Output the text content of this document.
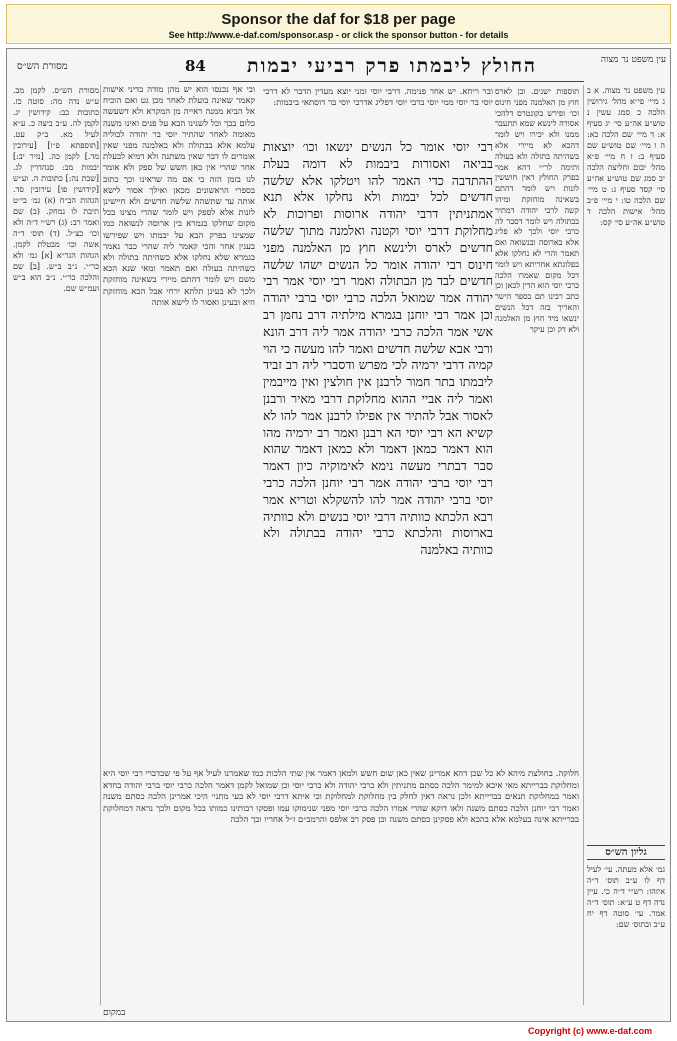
Sponsor the daf for $18 per page
See http://www.e-daf.com/sponsor.asp - or click the sponsor button - for details
מסורת הש״ס	84	החולץ ליבמתו פרק רביעי יבמות	עין משפט נר מצוה
מסורת הש״ס. לקמן מב. ע״ש נדה מה: סוטה כז. כתובות כב: קידושין יג. לקמן לה. ע״ב ביצה כ. ע״א לעיל מא. ב״ק עט. [תוספתא פ״ו] [עירובין מד.] לקמן כה. [נזיר יב:] יבמות מב: סנהדרין לג. [שבת נה:] כתובות ה. וע״ש [קידושין פו] עירובין סד. הגהות הב״ח (א) גמ׳ בי״ט תיבת לו נמחק. (ב) שם ואמר רב: (ג) רש״י ד״ה ולא וכו׳ כצ״ל. (ד) תוס׳ ד״ה אשה וכו׳ מבטלת לקמן. הגהות הגר״א [א] גמ׳ ולא כר״י. נ״ב ב״ש. [ב] שם והלכה כר״י. נ״ב הוא ב״ש ועמ״ש שם.
ובי אף נכנסו הוא יש מהן מודה בדיני אישות קאמר שאינה בועלת לאחר מכן גט ואם הוכיח אל הביא ממנה ראייה מן המקרא ולא דשעשה כלום בכך וכל לשנינו הבא על פנים ואינו משנה מאומה לאחר שהתיר יוסי בר יהודה לכוליה עלמא אלא בבתולה ולא באלמנה מפני שאין אומרים לו דבר שאין משתנה ולא דמיא לבעלת אחר שהרי אין כאן חשש של ספק ולא אומר לנו בזמן הזה כי אם מה שראינו וכך כתוב בספרי הראשונים מכאן ואילך אסור לישא אותה עד שתשהה שלשה חדשים ולא חיישינן לזנות אלא לספק ויש לומר שהרי מצינו בכל מקום שחלקו בגמרא בין ארוסה לנשואה כמו שמצינו בפרק הבא על יבמתו ויש שפירשו בענין אחר והכי קאמר ליה שהרי כבר נאמר בגמרא שלא נחלקו אלא כשהיתה בתולה ולא כשהיתה בעולה ואם תאמר ומאי שנא הכא משם ויש לומר דהתם מיירי בשאינה מוחזקת ולכך לא בעינן תלתא ירחי אבל הכא מוחזקת היא ובעינן ואסור לו לישא אותה
ובר ריחא. יש אחר פנימה. דרבי יוסי ומני יוצא מעדין הדבר לא דרבי יוסי בר יוסי ממי יוסי ברבי יוסי דפליג אדרבי יוסי בר דוסתאי ביבמות:
רבי יוסי אומר כל הנשים ינשאו וכו׳ יוצאות בביאה ואסורות ביבמות לא דומה בעלת ההתדבה כדי האמר להו ויטלקו אלא שלשה חדשים לכל יבמות ולא נחלקו אלא תנא אמתניתין דרבי יהודה ארוסות ופרוכות לא מחלוקת דרבי יוסי וקטנה ואלמנה מתוך שלשה חדשים לארס ולינשא חוץ מן האלמנה מפני חינוס רבי יהודה אומר כל הנשים ישהו שלשה חדשים לבד מן הבתולה ואמר רבי יוסי אמר רבי יהודה אמר שמואל הלכה כרבי יוסי ברבי יהודה וכן אמר רבי יוחנן בגמרא מילתיה דרב נחמן רב אשי אמר הלכה כרבי יהודה אמר ליה דרב הונא ורבי אבא שלשה חדשים ואמר להו מעשה כי הוי קמיה דרבי ירמיה לכי מפרש ודסברי ליה רב זביד ליבמתו בתר חמור לרבנן אין חולצין ואין מייבמין ואמר ליה אביי ההוא מחלוקת דרבי מאיר ורבנן לאסור אבל להתיר אין אפילו לרבנן אמר להו לא קשיא הא רבי יוסי הא רבנן ואמר רב ירמיה מהו הוא דאמר כמאן דאמר ולא כמאן דאמר שהוא סבר דבתרי מעשה נימא לאימוקיה כיון דאמר רבי יוסי ברבי יהודה אמר רבי יוחנן הלכה כרבי יוסי ברבי יהודה אמר להו להשקלא וטריא אמר רבא הלכתא כוותיה דרבי יוסי בנשים ולא כוותיה בארוסות והלכתא כרבי יהודה בבתולה ולא כוותיה באלמנה
תוספות ישנים. וכן לארס חוץ מן האלמנה מפני חינוס וכו׳ ופירש בקונטרס דלהכי אסורה לינשא שמא תתעבר ממנו ולא יכירו ויש לומר דהכא לא מיירי אלא בשהיתה בתולה ולא בעולה ותימה לר״י דהא אמר בפרק החולץ דאין חוששין לזנות ויש לומר דהתם בשאינה מוחזקת ומיהו קשה לרבי יהודה דמתיר בבתולה ויש לומר דסבר לה כרבי יוסי ולכך לא פליג אלא בארוסה ובנשואה ואם תאמר והרי לא נחלקו אלא בפלוגתא אחריתא ויש לומר דכל מקום שאמרו הלכה כרבי יוסי הוא הדין לכאן וכן כתב רבינו תם בספר הישר והאריך בזה דכל הנשים ינשאו מיד חוץ מן האלמנה ולא דק וכן עיקר
עין משפט נר מצוה. א ב ג מיי׳ פי״א מהל׳ גירושין הלכה כ סמג עשין נ טוש״ע אה״ע סי׳ יג סעיף א: ד מיי׳ שם הלכה כא: ה ו מיי׳ שם טוש״ע שם סעיף ב: ז ח מיי׳ פ״א מהל׳ יבום וחליצה הלכה יב סמג שם טוש״ע אה״ע סי׳ קסד סעיף ג: ט מיי׳ שם הלכה טו: י מיי׳ פ״ב מהל׳ אישות הלכה ד טוש״ע אה״ע סי׳ קס:
חלוקה. בחולצת מיהא לא כל שכן דהא אמרינן שאין כאן שום חשש ולמאן דאמר אין שתי הלכות כמו שאמרנו לעיל אף על פי שבדברי רבי יוסי היא ומחלוקת בברייתא מאי איכא למימר הלכה כסתם מתניתין ולא כרבי יהודה ולא כרבי יוסי וכן שמואל לקמן דאמר הלכה כרבי יוסי ברבי יהודה בחדא ואמר במחלוקת תנאים בברייתא ולכן נראה דאין לחלק בין מחלוקת למחלוקת וכי איתא דרבי יוסי לא בעי מתני׳ היכי אמרינן הלכה כסתם משנה ואמר רבי יוחנן הלכה כסתם משנה ולאו דוקא שהרי אמרו הלכה כרבי יוסי מפני שנימוקו עמו ופסקו רבותינו כמותו בכל מקום ולכך נראה דמחלוקת בברייתא אינה בעלמא אלא בהכא ולא פסקינן כסתם משנה וכן פסק רב אלפס והרמב״ם ז״ל אחריו וכך הלכה
גליון הש״ס
גמ׳ אלא מעתה. עי׳ לעיל דף לו ע״ב תוס׳ ד״ה איזהו: רש״י ד״ה כי. עיין נדה דף ט ע״א: תוס׳ ד״ה אמר. עי׳ סוטה דף יח ע״ב ובתוס׳ שם:
במקום
Copyright (c) www.e-daf.com
